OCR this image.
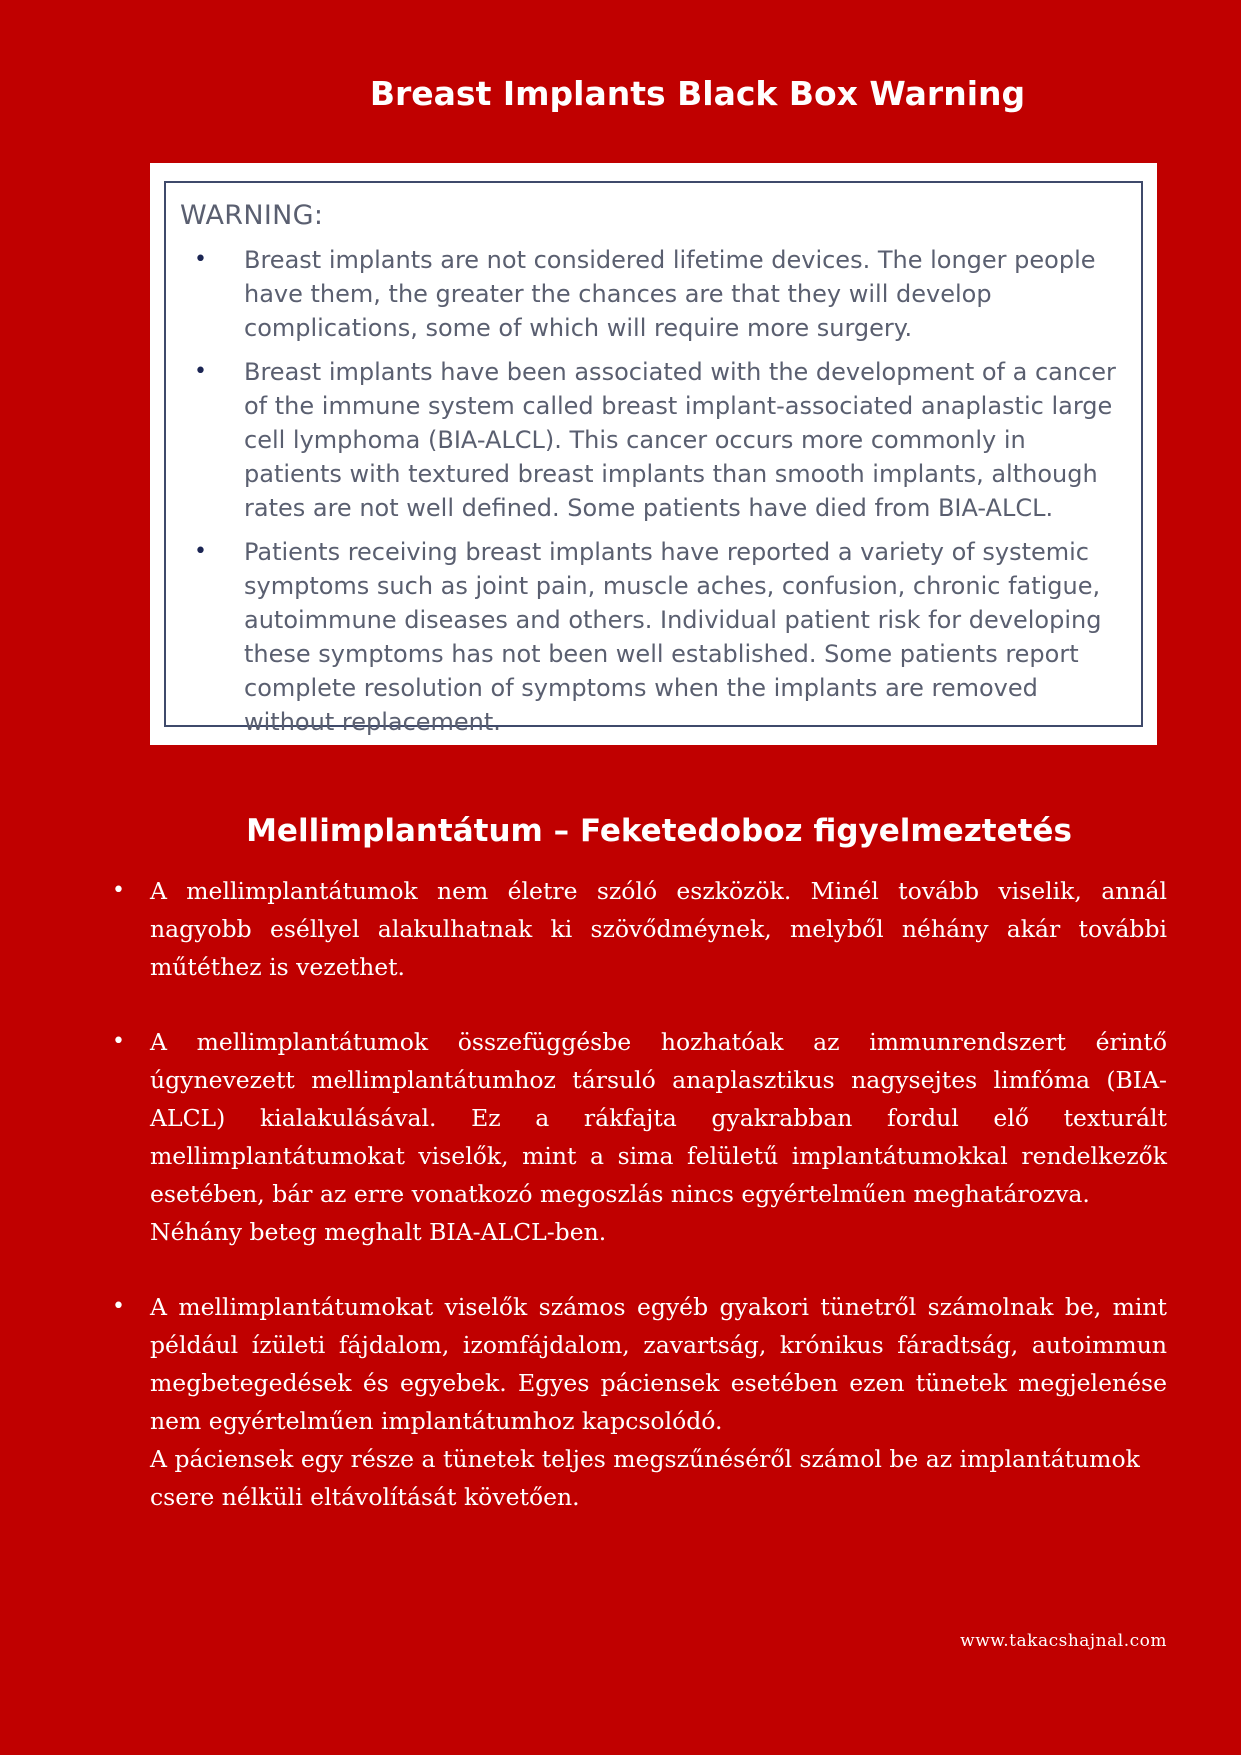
Breast Implants Black Box Warning
WARNING:
•	Breast implants are not considered lifetime devices. The longer people have them, the greater the chances are that they will develop complications, some of which will require more surgery.
•	Breast implants have been associated with the development of a cancer of the immune system called breast implant-associated anaplastic large cell lymphoma (BIA-ALCL). This cancer occurs more commonly in patients with textured breast implants than smooth implants, although rates are not well defined. Some patients have died from BIA-ALCL.
•	Patients receiving breast implants have reported a variety of systemic symptoms such as joint pain, muscle aches, confusion, chronic fatigue, autoimmune diseases and others. Individual patient risk for developing these symptoms has not been well established. Some patients report complete resolution of symptoms when the implants are removed without replacement.
Mellimplantátum – Feketedoboz figyelmeztetés
•	A mellimplantátumok nem életre szóló eszközök. Minél tovább viselik, annál nagyobb eséllyel alakulhatnak ki szövődméynek, melyből néhány akár további műtéthez is vezethet.

•	A mellimplantátumok összefüggésbe hozhatóak az immunrendszert érintő úgynevezett mellimplantátumhoz társuló anaplasztikus nagysejtes limfóma (BIA-ALCL) kialakulásával. Ez a rákfajta gyakrabban fordul elő texturált mellimplantátumokat viselők, mint a sima felületű implantátumokkal rendelkezők esetében, bár az erre vonatkozó megoszlás nincs egyértelműen meghatározva.

Néhány beteg meghalt BIA-ALCL-ben.

•	A mellimplantátumokat viselők számos egyéb gyakori tünetről számolnak be, mint például ízületi fájdalom, izomfájdalom, zavartság, krónikus fáradtság, autoimmun megbetegedések és egyebek. Egyes páciensek esetében ezen tünetek megjelenése nem egyértelműen implantátumhoz kapcsolódó.

A páciensek egy része a tünetek teljes megszűnéséről számol be az implantátumok csere nélküli eltávolítását követően.

www.takacshajnal.com
